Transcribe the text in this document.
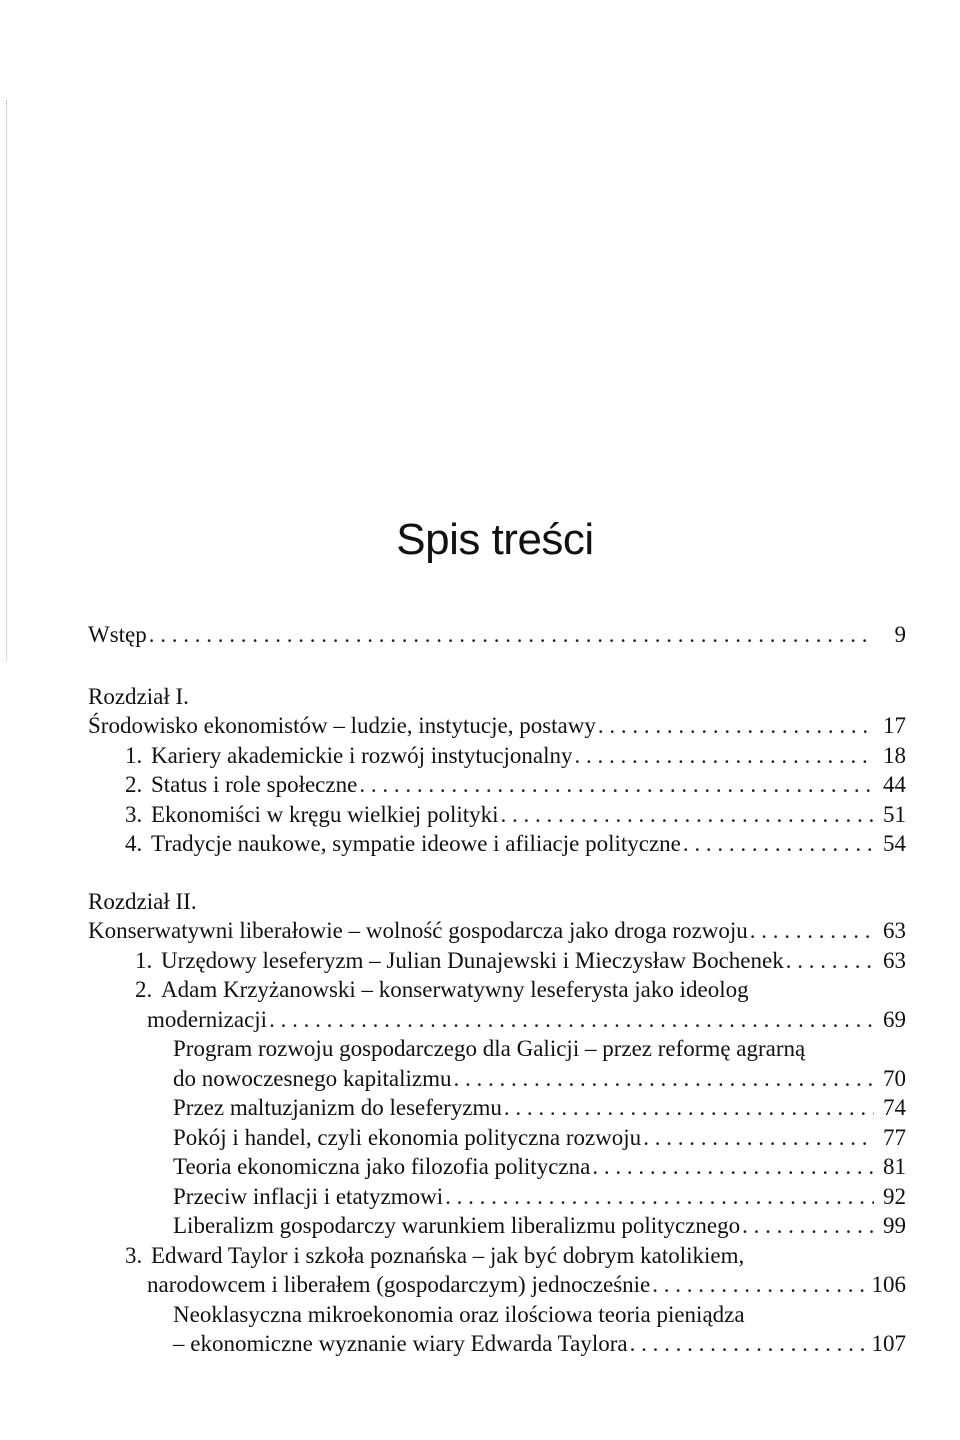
Spis treści
Wstęp . . .	9
Rozdział I.
Środowisko ekonomistów – ludzie, instytucje, postawy . . .	17
1. Kariery akademickie i rozwój instytucjonalny . . .	18
2. Status i role społeczne . . .	44
3. Ekonomiści w kręgu wielkiej polityki . . .	51
4. Tradycje naukowe, sympatie ideowe i afiliacje polityczne . . .	54
Rozdział II.
Konserwatywni liberałowie – wolność gospodarcza jako droga rozwoju . . .	63
1. Urzędowy leseferyzm – Julian Dunajewski i Mieczysław Bochenek . . .	63
2. Adam Krzyżanowski – konserwatywny leseferysta jako ideolog
modernizacji . . .	69
Program rozwoju gospodarczego dla Galicji – przez reformę agrarną
do nowoczesnego kapitalizmu . . .	70
Przez maltuzjanizm do leseferyzmu . . .	74
Pokój i handel, czyli ekonomia polityczna rozwoju . . .	77
Teoria ekonomiczna jako filozofia polityczna . . .	81
Przeciw inflacji i etatyzmowi . . .	92
Liberalizm gospodarczy warunkiem liberalizmu politycznego . . .	99
3. Edward Taylor i szkoła poznańska – jak być dobrym katolikiem,
narodowcem i liberałem (gospodarczym) jednocześnie . . .	106
Neoklasyczna mikroekonomia oraz ilościowa teoria pieniądza
– ekonomiczne wyznanie wiary Edwarda Taylora . . .	107
